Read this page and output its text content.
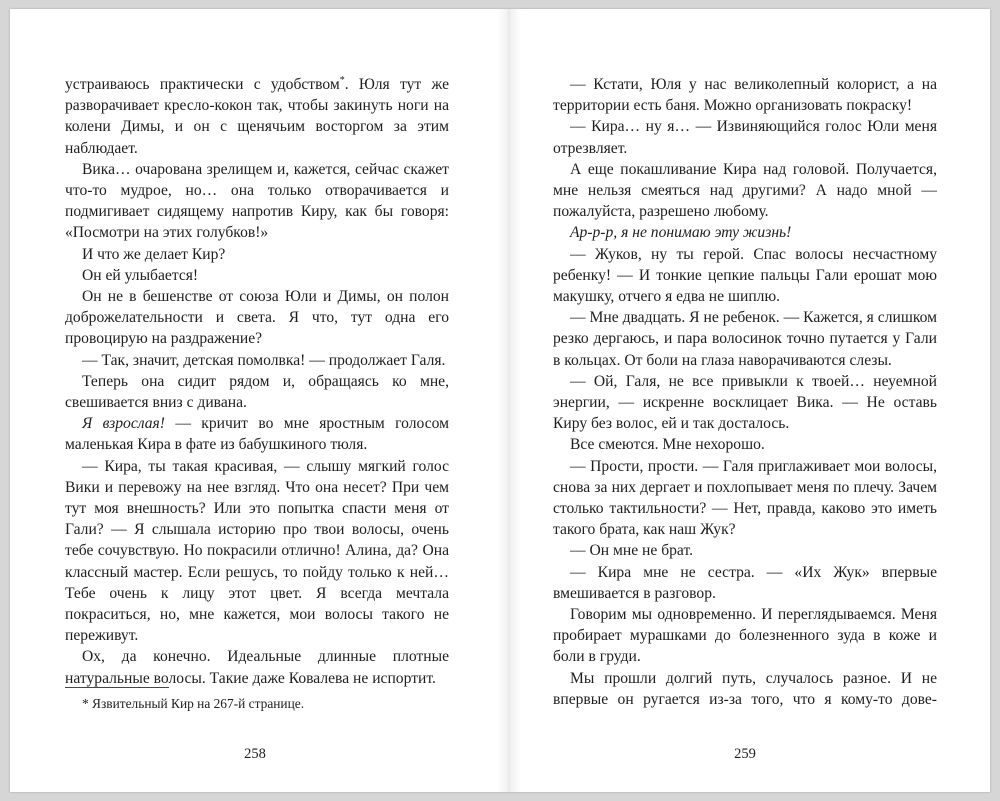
устраиваюсь практически с удобством*. Юля тут же разворачивает кресло-кокон так, чтобы закинуть ноги на колени Димы, и он с щенячьим восторгом за этим наблюдает.

Вика… очарована зрелищем и, кажется, сейчас скажет что-то мудрое, но… она только отворачивается и подмигивает сидящему напротив Киру, как бы говоря: «Посмотри на этих голубков!»

И что же делает Кир?

Он ей улыбается!

Он не в бешенстве от союза Юли и Димы, он полон доброжелательности и света. Я что, тут одна его провоцирую на раздражение?

— Так, значит, детская помолвка! — продолжает Галя.

Теперь она сидит рядом и, обращаясь ко мне, свешивается вниз с дивана.

Я взрослая! — кричит во мне яростным голосом маленькая Кира в фате из бабушкиного тюля.

— Кира, ты такая красивая, — слышу мягкий голос Вики и перевожу на нее взгляд. Что она несет? При чем тут моя внешность? Или это попытка спасти меня от Гали? — Я слышала историю про твои волосы, очень тебе сочувствую. Но покрасили отлично! Алина, да? Она классный мастер. Если решусь, то пойду только к ней… Тебе очень к лицу этот цвет. Я всегда мечтала покраситься, но, мне кажется, мои волосы такого не переживут.

Ох, да конечно. Идеальные длинные плотные натуральные волосы. Такие даже Ковалева не испортит.

* Язвительный Кир на 267-й странице.
258

— Кстати, Юля у нас великолепный колорист, а на территории есть баня. Можно организовать покраску!

— Кира… ну я… — Извиняющийся голос Юли меня отрезвляет.

А еще покашливание Кира над головой. Получается, мне нельзя смеяться над другими? А надо мной — пожалуйста, разрешено любому.

Ар-р-р, я не понимаю эту жизнь!

— Жуков, ну ты герой. Спас волосы несчастному ребенку! — И тонкие цепкие пальцы Гали ерошат мою макушку, отчего я едва не шиплю.

— Мне двадцать. Я не ребенок. — Кажется, я слишком резко дергаюсь, и пара волосинок точно путается у Гали в кольцах. От боли на глаза наворачиваются слезы.

— Ой, Галя, не все привыкли к твоей… неуемной энергии, — искренне восклицает Вика. — Не оставь Киру без волос, ей и так досталось.

Все смеются. Мне нехорошо.

— Прости, прости. — Галя приглаживает мои волосы, снова за них дергает и похлопывает меня по плечу. Зачем столько тактильности? — Нет, правда, каково это иметь такого брата, как наш Жук?

— Он мне не брат.

— Кира мне не сестра. — «Их Жук» впервые вмешивается в разговор.

Говорим мы одновременно. И переглядываемся. Меня пробирает мурашками до болезненного зуда в коже и боли в груди.

Мы прошли долгий путь, случалось разное. И не впервые он ругается из-за того, что я кому-то дове-

259
